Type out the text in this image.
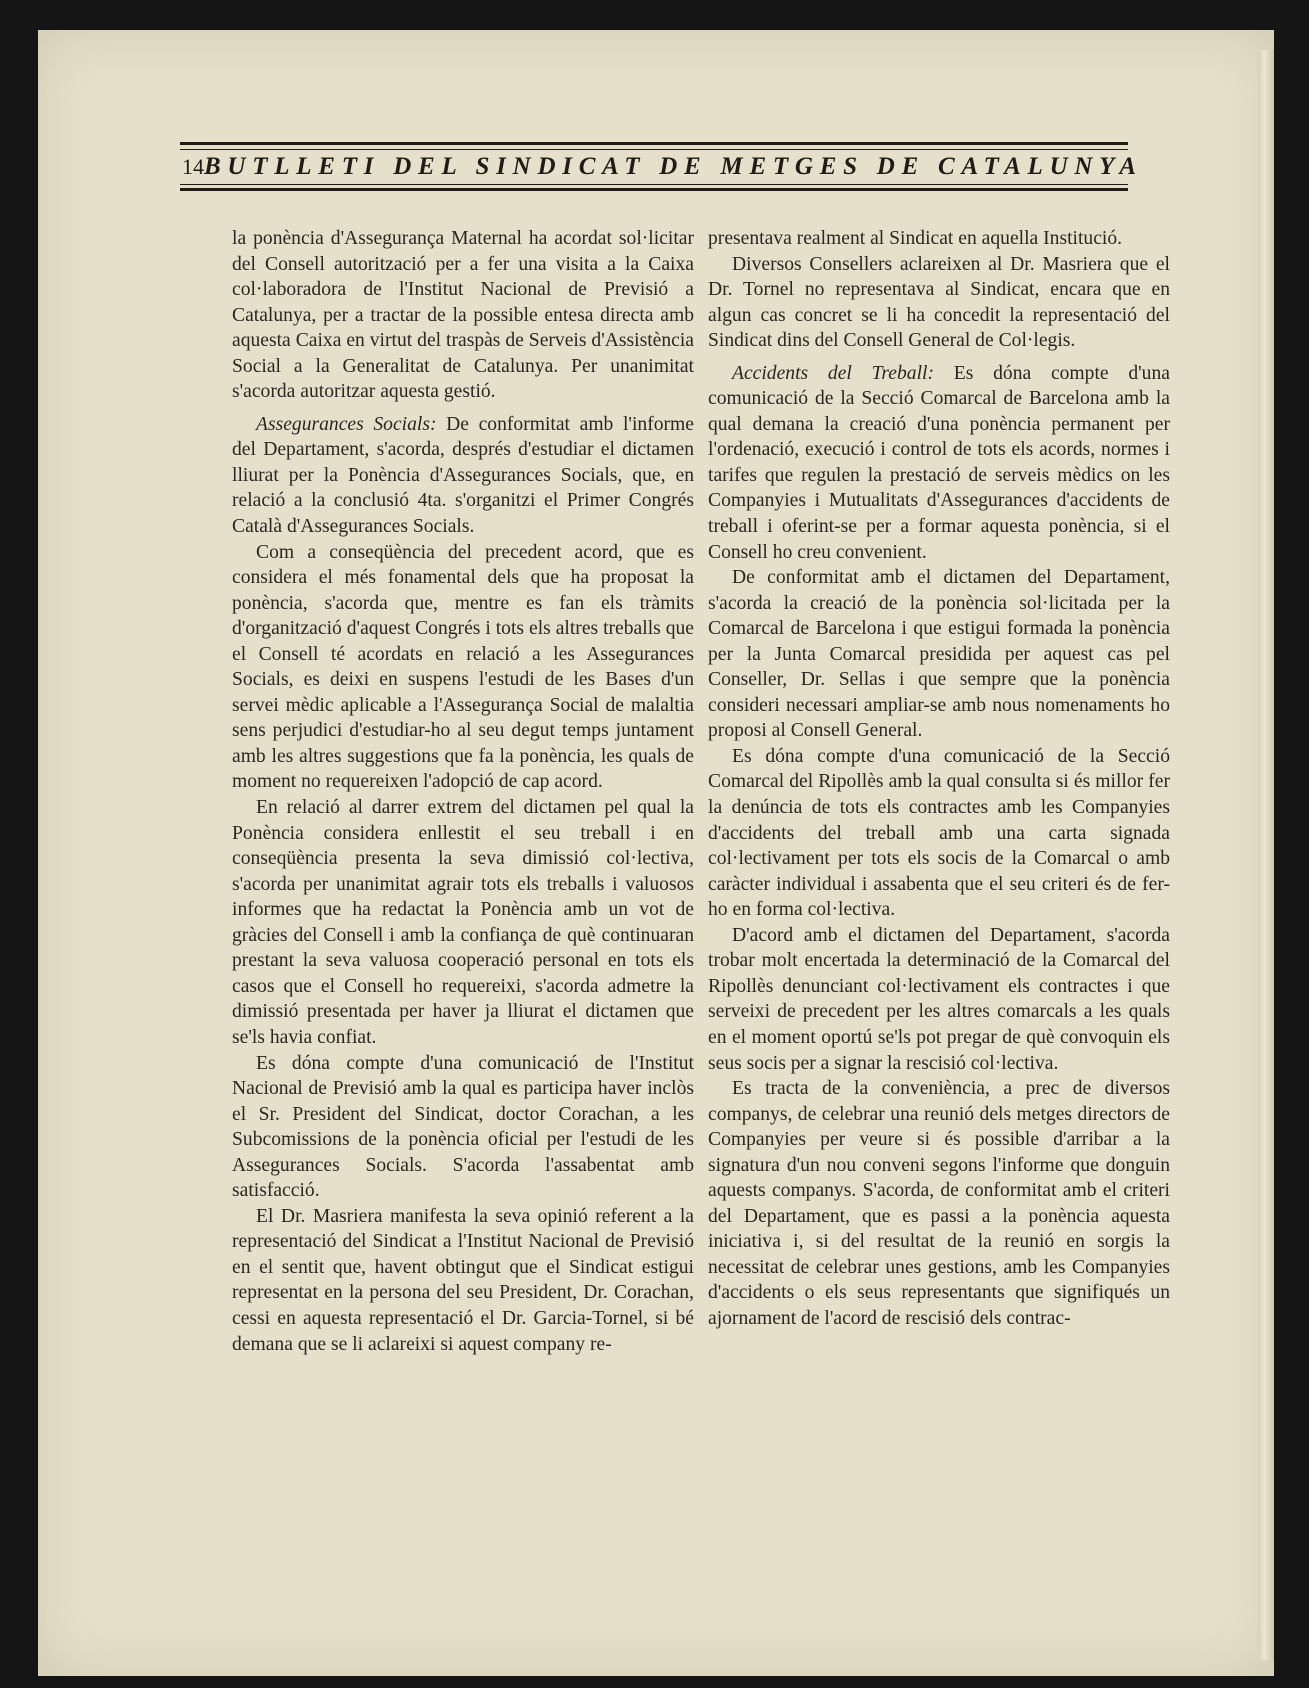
14 BUTLLETI DEL SINDICAT DE METGES DE CATALUNYA

la ponència d'Assegurança Maternal ha acordat sol·licitar del Consell autorització per a fer una visita a la Caixa col·laboradora de l'Institut Nacional de Previsió a Catalunya, per a tractar de la possible entesa directa amb aquesta Caixa en virtut del traspàs de Serveis d'Assistència Social a la Generalitat de Catalunya. Per unanimitat s'acorda autoritzar aquesta gestió.

Assegurances Socials: De conformitat amb l'informe del Departament, s'acorda, després d'estudiar el dictamen lliurat per la Ponència d'Assegurances Socials, que, en relació a la conclusió 4ta. s'organitzi el Primer Congrés Català d'Assegurances Socials.

Com a conseqüència del precedent acord, que es considera el més fonamental dels que ha proposat la ponència, s'acorda que, mentre es fan els tràmits d'organització d'aquest Congrés i tots els altres treballs que el Consell té acordats en relació a les Assegurances Socials, es deixi en suspens l'estudi de les Bases d'un servei mèdic aplicable a l'Assegurança Social de malaltia sens perjudici d'estudiar-ho al seu degut temps juntament amb les altres suggestions que fa la ponència, les quals de moment no requereixen l'adopció de cap acord.

En relació al darrer extrem del dictamen pel qual la Ponència considera enllestit el seu treball i en conseqüència presenta la seva dimissió col·lectiva, s'acorda per unanimitat agrair tots els treballs i valuosos informes que ha redactat la Ponència amb un vot de gràcies del Consell i amb la confiança de què continuaran prestant la seva valuosa cooperació personal en tots els casos que el Consell ho requereixi, s'acorda admetre la dimissió presentada per haver ja lliurat el dictamen que se'ls havia confiat.

Es dóna compte d'una comunicació de l'Institut Nacional de Previsió amb la qual es participa haver inclòs el Sr. President del Sindicat, doctor Corachan, a les Subcomissions de la ponència oficial per l'estudi de les Assegurances Socials. S'acorda l'assabentat amb satisfacció.

El Dr. Masriera manifesta la seva opinió referent a la representació del Sindicat a l'Institut Nacional de Previsió en el sentit que, havent obtingut que el Sindicat estigui representat en la persona del seu President, Dr. Corachan, cessi en aquesta representació el Dr. Garcia-Tornel, si bé demana que se li aclareixi si aquest company re-

presentava realment al Sindicat en aquella Institució.

Diversos Consellers aclareixen al Dr. Masriera que el Dr. Tornel no representava al Sindicat, encara que en algun cas concret se li ha concedit la representació del Sindicat dins del Consell General de Col·legis.

Accidents del Treball: Es dóna compte d'una comunicació de la Secció Comarcal de Barcelona amb la qual demana la creació d'una ponència permanent per l'ordenació, execució i control de tots els acords, normes i tarifes que regulen la prestació de serveis mèdics on les Companyies i Mutualitats d'Assegurances d'accidents de treball i oferint-se per a formar aquesta ponència, si el Consell ho creu convenient.

De conformitat amb el dictamen del Departament, s'acorda la creació de la ponència sol·licitada per la Comarcal de Barcelona i que estigui formada la ponència per la Junta Comarcal presidida per aquest cas pel Conseller, Dr. Sellas i que sempre que la ponència consideri necessari ampliar-se amb nous nomenaments ho proposi al Consell General.

Es dóna compte d'una comunicació de la Secció Comarcal del Ripollès amb la qual consulta si és millor fer la denúncia de tots els contractes amb les Companyies d'accidents del treball amb una carta signada col·lectivament per tots els socis de la Comarcal o amb caràcter individual i assabenta que el seu criteri és de fer-ho en forma col·lectiva.

D'acord amb el dictamen del Departament, s'acorda trobar molt encertada la determinació de la Comarcal del Ripollès denunciant col·lectivament els contractes i que serveixi de precedent per les altres comarcals a les quals en el moment oportú se'ls pot pregar de què convoquin els seus socis per a signar la rescisió col·lectiva.

Es tracta de la conveniència, a prec de diversos companys, de celebrar una reunió dels metges directors de Companyies per veure si és possible d'arribar a la signatura d'un nou conveni segons l'informe que donguin aquests companys. S'acorda, de conformitat amb el criteri del Departament, que es passi a la ponència aquesta iniciativa i, si del resultat de la reunió en sorgis la necessitat de celebrar unes gestions, amb les Companyies d'accidents o els seus representants que signifiqués un ajornament de l'acord de rescisió dels contrac-
